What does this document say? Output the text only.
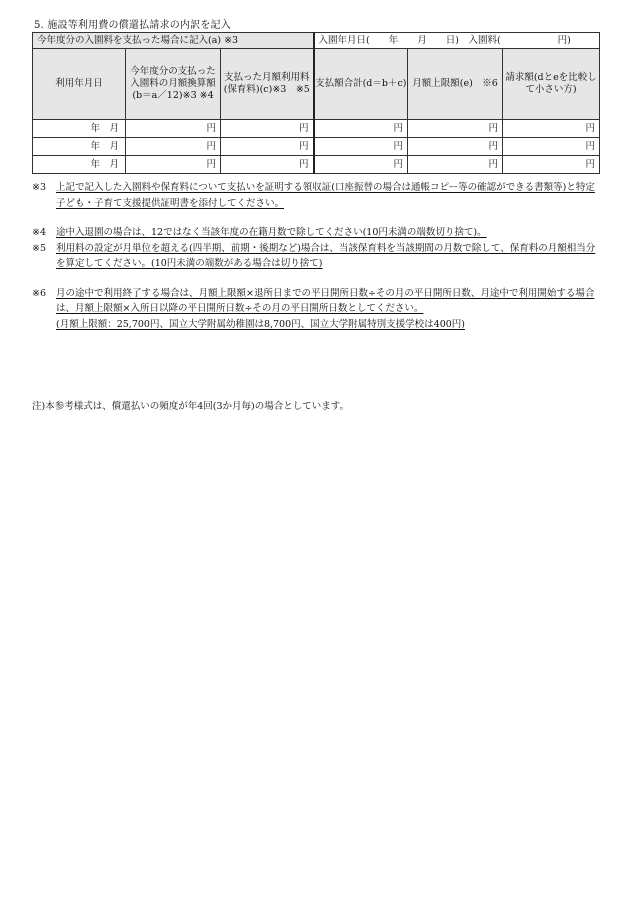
5. 施設等利用費の償還払請求の内訳を記入
今年度分の入園料を支払った場合に記入(a) ※3			入園年月日(　　年　　月　　日)　入園料(　　　　　　円)		
利用年月日	今年度分の支払った入園料の月額換算額(b＝a／12)※3 ※4	支払った月額利用料(保育料)(c)※3　※5	支払額合計(d＝b＋c)	月額上限額(e)　※6	請求額(dとeを比較して小さい方)
年　月	円	円	円	円	円
年　月	円	円	円	円	円
年　月	円	円	円	円	円
※3	上記で記入した入園料や保育料について支払いを証明する領収証(口座振替の場合は通帳コピー等の確認ができる書類等)と特定子ども・子育て支援提供証明書を添付してください。
※4	途中入退園の場合は、12ではなく当該年度の在籍月数で除してください(10円未満の端数切り捨て)。
※5	利用料の設定が月単位を超える(四半期、前期・後期など)場合は、当該保育料を当該期間の月数で除して、保育料の月額相当分を算定してください。(10円未満の端数がある場合は切り捨て)
※6	月の途中で利用終了する場合は、月額上限額×退所日までの平日開所日数÷その月の平日開所日数、月途中で利用開始する場合は、月額上限額×入所日以降の平日開所日数÷その月の平日開所日数としてください。
(月額上限額：25,700円、国立大学附属幼稚園は8,700円、国立大学附属特別支援学校は400円)
注)本参考様式は、償還払いの頻度が年4回(3か月毎)の場合としています。
